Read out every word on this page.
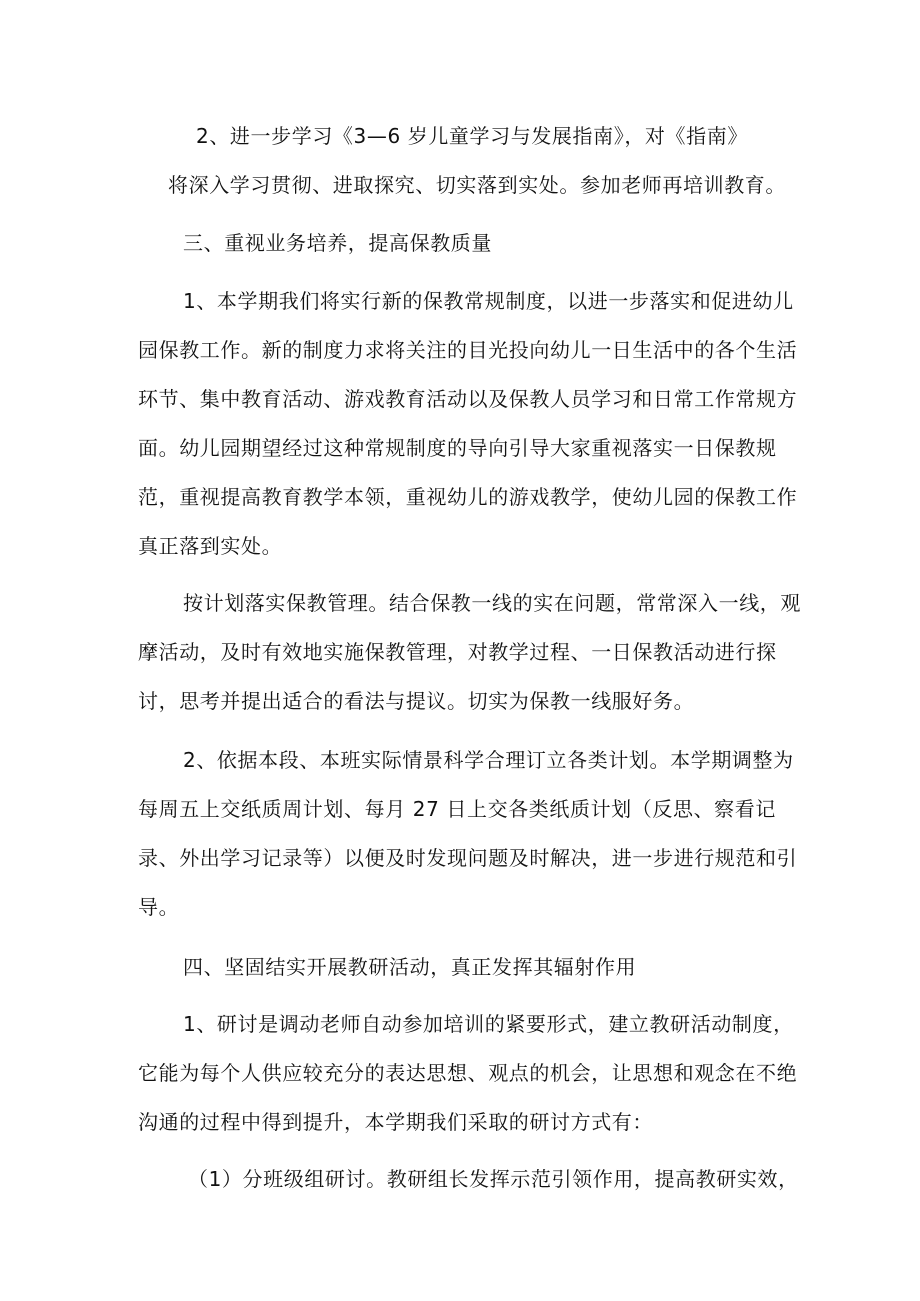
2、进一步学习《3—6 岁儿童学习与发展指南》，对《指南》
将深入学习贯彻、进取探究、切实落到实处。参加老师再培训教育。
三、重视业务培养，提高保教质量
1、本学期我们将实行新的保教常规制度，以进一步落实和促进幼儿
园保教工作。新的制度力求将关注的目光投向幼儿一日生活中的各个生活
环节、集中教育活动、游戏教育活动以及保教人员学习和日常工作常规方
面。幼儿园期望经过这种常规制度的导向引导大家重视落实一日保教规
范，重视提高教育教学本领，重视幼儿的游戏教学，使幼儿园的保教工作
真正落到实处。
按计划落实保教管理。结合保教一线的实在问题，常常深入一线，观
摩活动，及时有效地实施保教管理，对教学过程、一日保教活动进行探
讨，思考并提出适合的看法与提议。切实为保教一线服好务。
2、依据本段、本班实际情景科学合理订立各类计划。本学期调整为
每周五上交纸质周计划、每月 27 日上交各类纸质计划（反思、察看记
录、外出学习记录等）以便及时发现问题及时解决，进一步进行规范和引
导。
四、坚固结实开展教研活动，真正发挥其辐射作用
1、研讨是调动老师自动参加培训的紧要形式，建立教研活动制度，
它能为每个人供应较充分的表达思想、观点的机会，让思想和观念在不绝
沟通的过程中得到提升，本学期我们采取的研讨方式有：
（1）分班级组研讨。教研组长发挥示范引领作用，提高教研实效，
